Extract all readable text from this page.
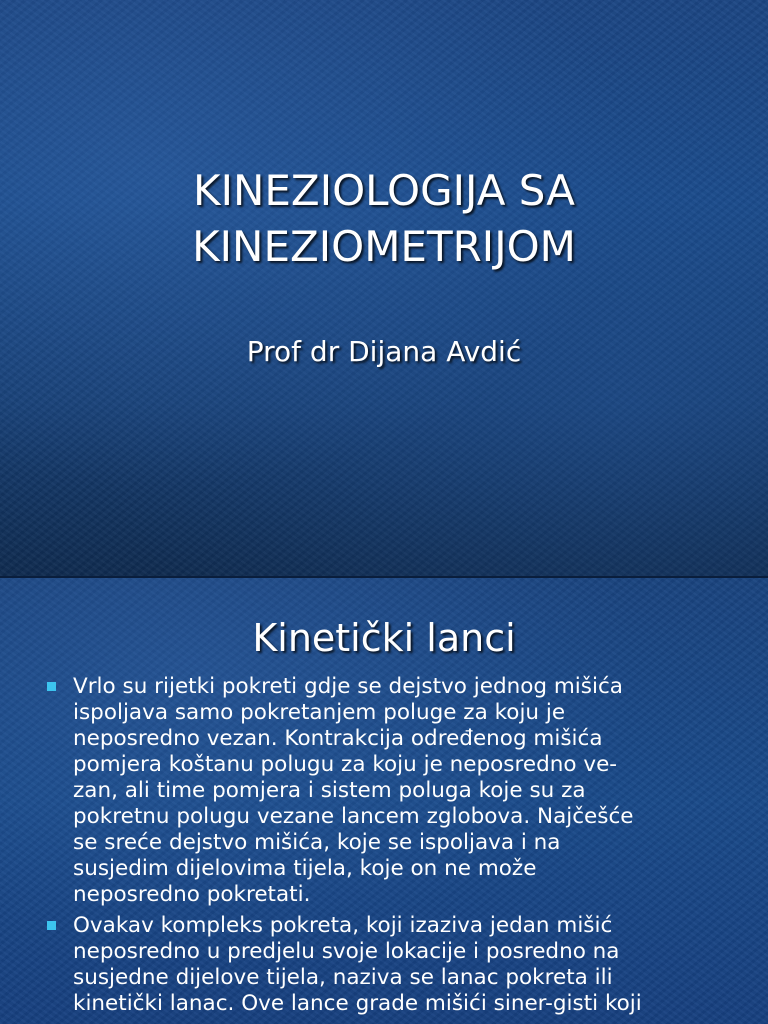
KINEZIOLOGIJA SA
KINEZIOMETRIJOM

Prof dr Dijana Avdić

Kinetički lanci
Vrlo su rijetki pokreti gdje se dejstvo jednog mišića
ispoljava samo pokretanjem poluge za koju je
neposredno vezan. Kontrakcija određenog mišića
pomjera koštanu polugu za koju je neposredno ve-
zan, ali time pomjera i sistem poluga koje su za
pokretnu polugu vezane lancem zglobova. Najčešće
se sreće dejstvo mišića, koje se ispoljava i na
susjedim dijelovima tijela, koje on ne može
neposredno pokretati.
Ovakav kompleks pokreta, koji izaziva jedan mišić
neposredno u predjelu svoje lokacije i posredno na
susjedne dijelove tijela, naziva se lanac pokreta ili
kinetički lanac. Ove lance grade mišići siner-gisti koji
